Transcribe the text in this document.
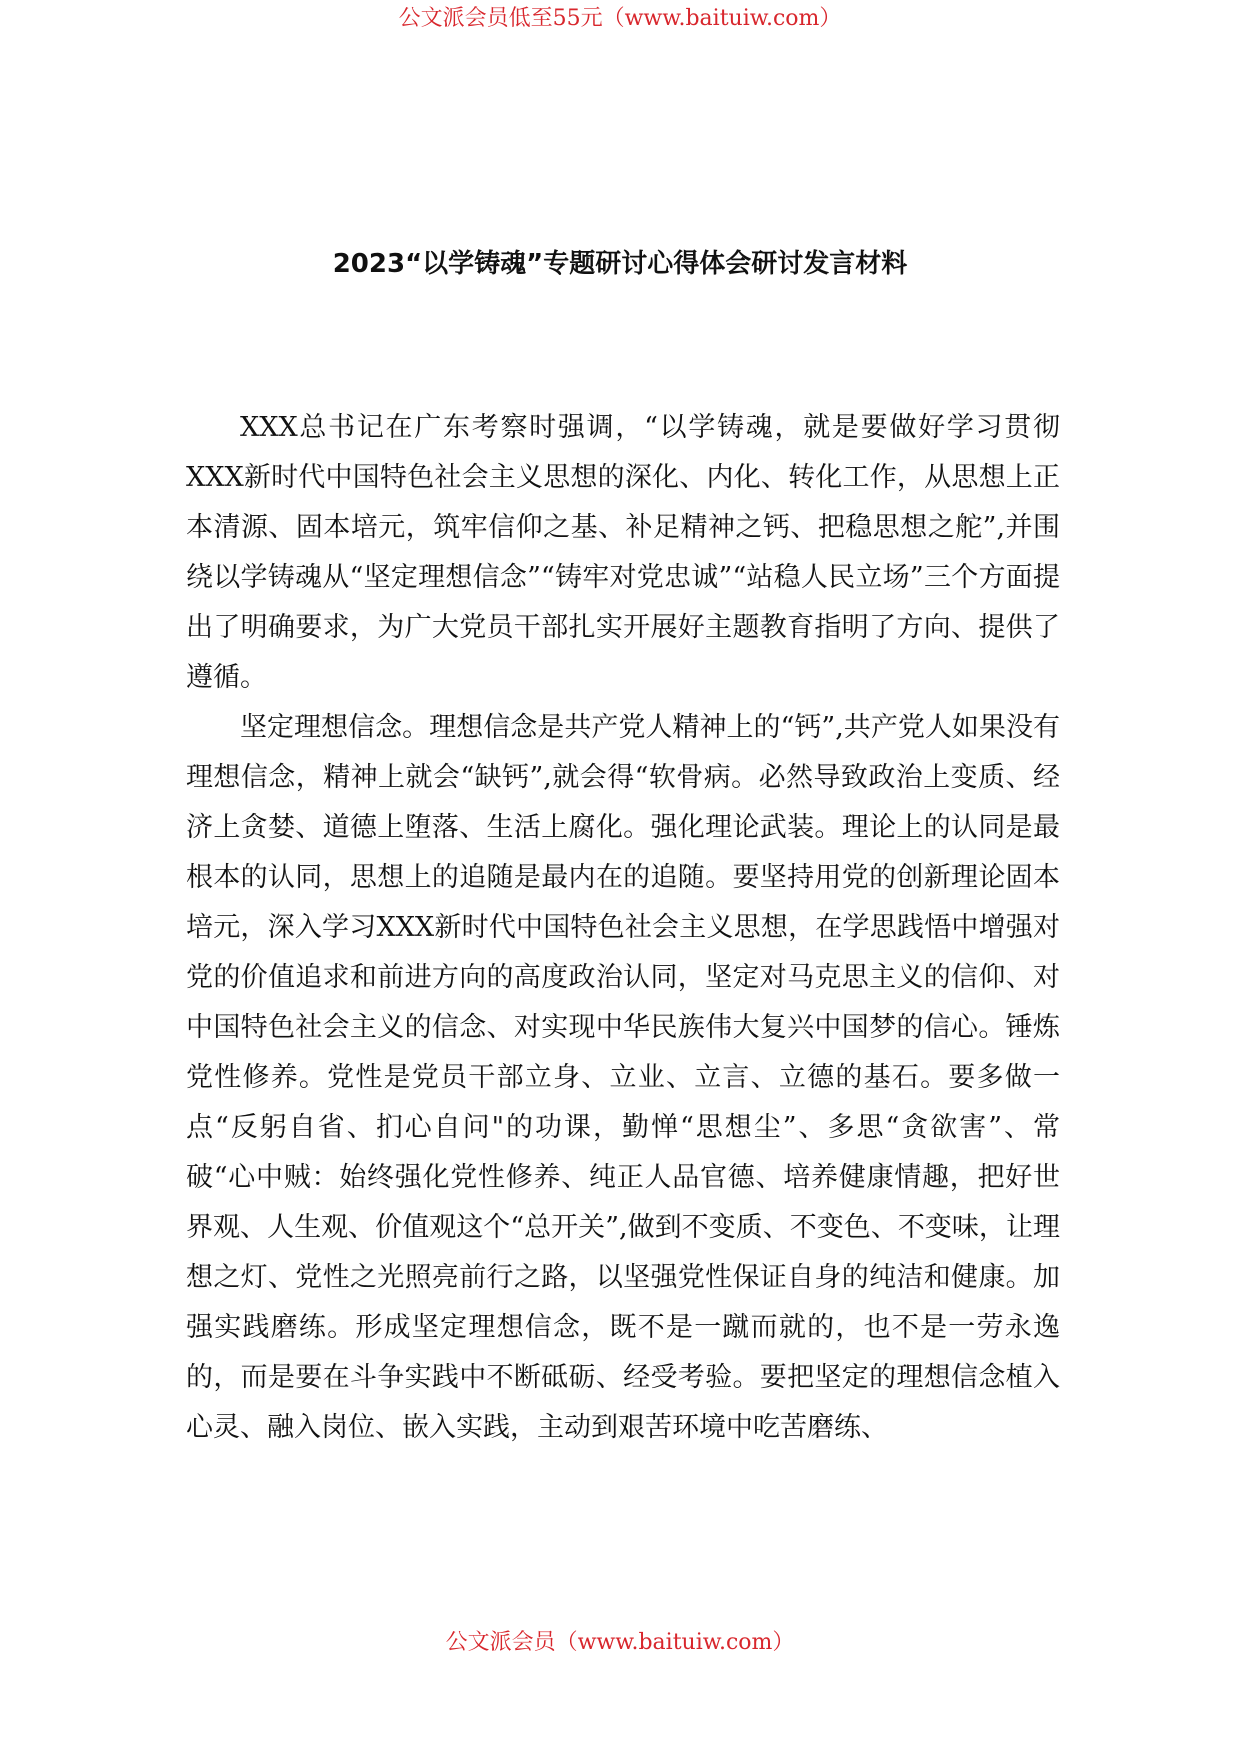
公文派会员低至55元（www.baituiw.com）
2023“以学铸魂”专题研讨心得体会研讨发言材料

XXX总书记在广东考察时强调，“以学铸魂，就是要做好学习贯彻XXX新时代中国特色社会主义思想的深化、内化、转化工作，从思想上正本清源、固本培元，筑牢信仰之基、补足精神之钙、把稳思想之舵”,并围绕以学铸魂从“坚定理想信念”“铸牢对党忠诚”“站稳人民立场”三个方面提出了明确要求，为广大党员干部扎实开展好主题教育指明了方向、提供了遵循。

坚定理想信念。理想信念是共产党人精神上的“钙”,共产党人如果没有理想信念，精神上就会“缺钙”,就会得“软骨病。必然导致政治上变质、经济上贪婪、道德上堕落、生活上腐化。强化理论武装。理论上的认同是最根本的认同，思想上的追随是最内在的追随。要坚持用党的创新理论固本培元，深入学习XXX新时代中国特色社会主义思想，在学思践悟中增强对党的价值追求和前进方向的高度政治认同，坚定对马克思主义的信仰、对中国特色社会主义的信念、对实现中华民族伟大复兴中国梦的信心。锤炼党性修养。党性是党员干部立身、立业、立言、立德的基石。要多做一点“反躬自省、扪心自问"的功课，勤惮“思想尘”、多思“贪欲害”、常破“心中贼：始终强化党性修养、纯正人品官德、培养健康情趣，把好世界观、人生观、价值观这个“总开关”,做到不变质、不变色、不变味，让理想之灯、党性之光照亮前行之路，以坚强党性保证自身的纯洁和健康。加强实践磨练。形成坚定理想信念，既不是一蹴而就的，也不是一劳永逸的，而是要在斗争实践中不断砥砺、经受考验。要把坚定的理想信念植入心灵、融入岗位、嵌入实践，主动到艰苦环境中吃苦磨练、

公文派会员（www.baituiw.com）
